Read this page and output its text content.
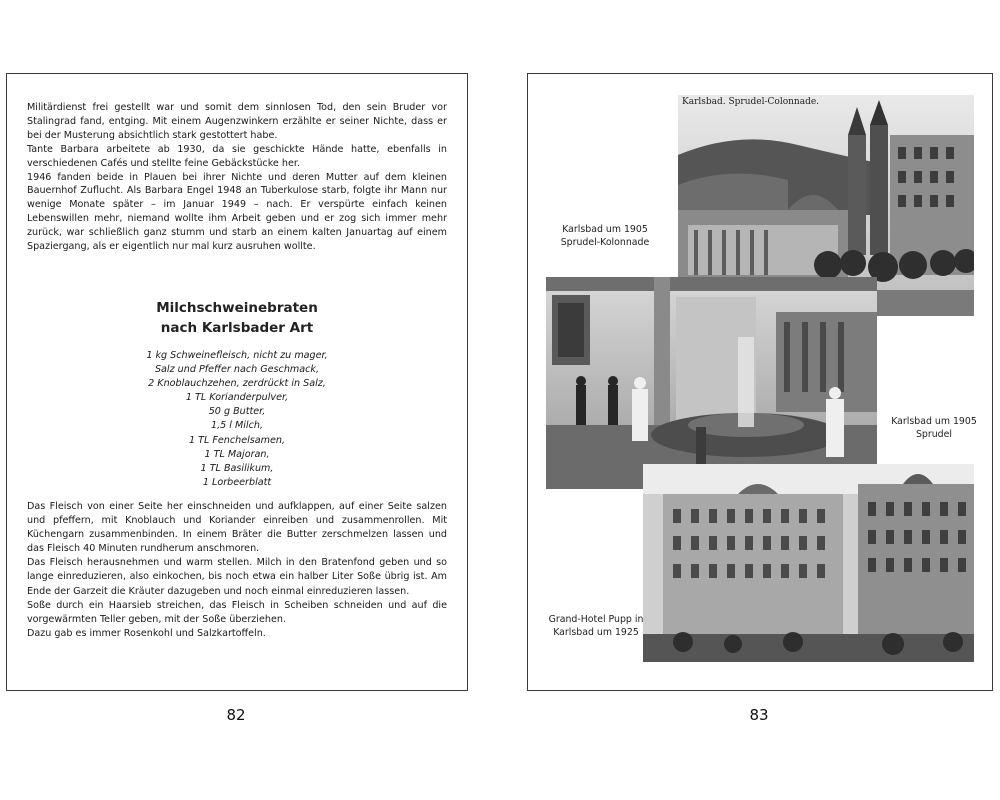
Militärdienst frei gestellt war und somit dem sinnlosen Tod, den sein Bruder vor Stalingrad fand, entging. Mit einem Augenzwinkern erzählte er seiner Nichte, dass er bei der Musterung absichtlich stark gestottert habe.

Tante Barbara arbeitete ab 1930, da sie geschickte Hände hatte, ebenfalls in verschiedenen Cafés und stellte feine Gebäckstücke her.

1946 fanden beide in Plauen bei ihrer Nichte und deren Mutter auf dem kleinen Bauernhof Zuflucht. Als Barbara Engel 1948 an Tuberkulose starb, folgte ihr Mann nur wenige Monate später – im Januar 1949 – nach. Er verspürte einfach keinen Lebenswillen mehr, niemand wollte ihm Arbeit geben und er zog sich immer mehr zurück, war schließlich ganz stumm und starb an einem kalten Januartag auf einem Spaziergang, als er eigentlich nur mal kurz ausruhen wollte.

Milchschweinebraten
nach Karlsbader Art
1 kg Schweinefleisch, nicht zu mager,
Salz und Pfeffer nach Geschmack,
2 Knoblauchzehen, zerdrückt in Salz,
1 TL Korianderpulver,
50 g Butter,
1,5 l Milch,
1 TL Fenchelsamen,
1 TL Majoran,
1 TL Basilikum,
1 Lorbeerblatt

Das Fleisch von einer Seite her einschneiden und aufklappen, auf einer Seite salzen und pfeffern, mit Knoblauch und Koriander einreiben und zusammenrollen. Mit Küchengarn zusammenbinden. In einem Bräter die Butter zerschmelzen lassen und das Fleisch 40 Minuten rundherum anschmoren.

Das Fleisch herausnehmen und warm stellen. Milch in den Bratenfond geben und so lange einreduzieren, also einkochen, bis noch etwa ein halber Liter Soße übrig ist. Am Ende der Garzeit die Kräuter dazugeben und noch einmal einreduzieren lassen.

Soße durch ein Haarsieb streichen, das Fleisch in Scheiben schneiden und auf die vorgewärmten Teller geben, mit der Soße überziehen.

Dazu gab es immer Rosenkohl und Salzkartoffeln.

82
Karlsbad. Sprudel-Colonnade.
Karlsbad um 1905
Sprudel-Kolonnade
Karlsbad um 1905
Sprudel
Grand-Hotel Pupp in
Karlsbad um 1925
83
